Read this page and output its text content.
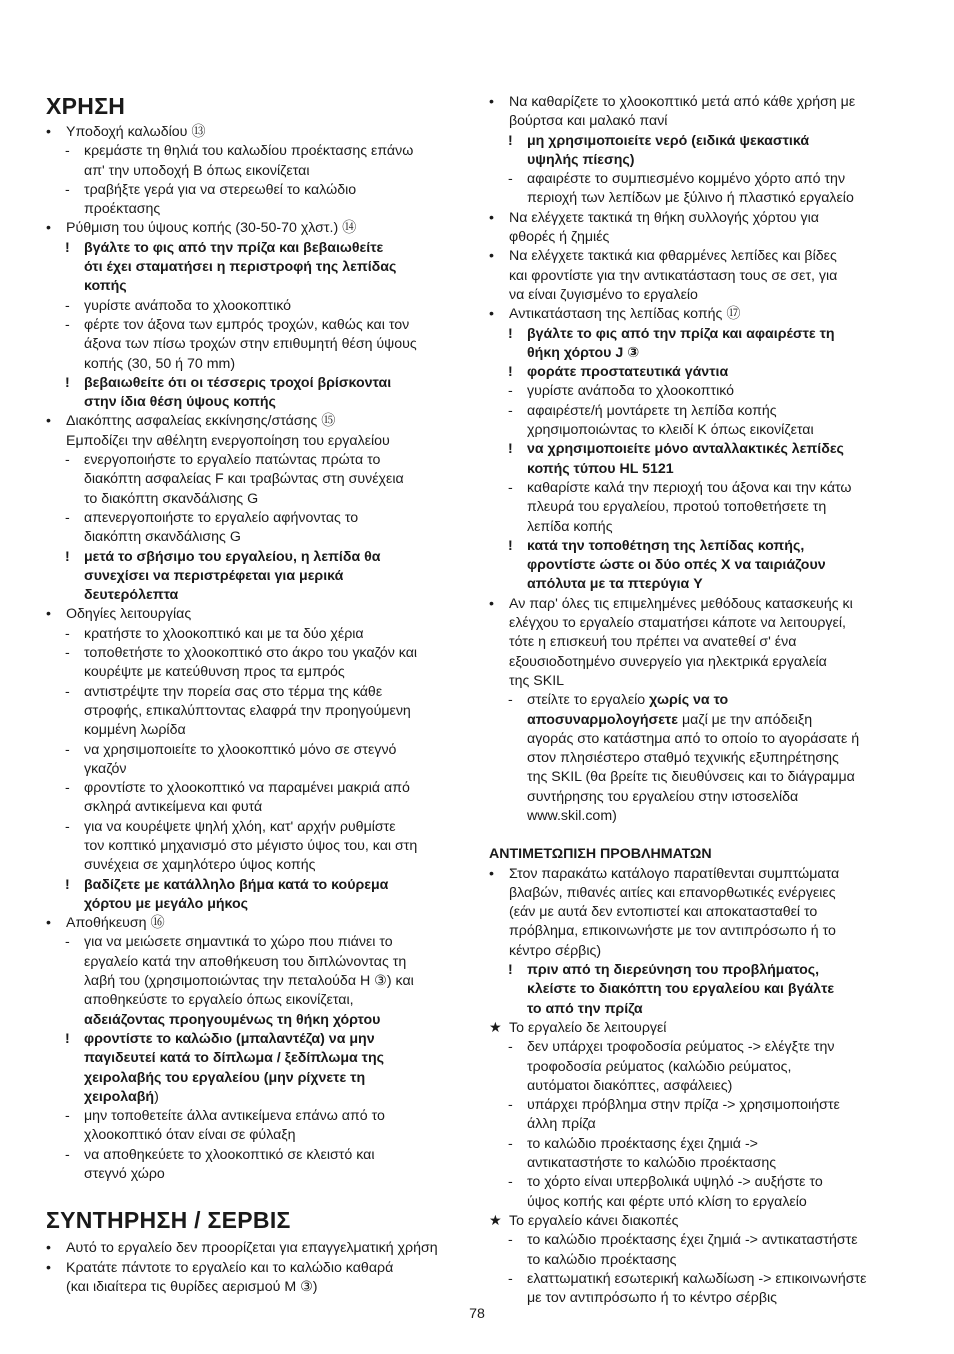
ΧΡΗΣΗ
• Υποδοχή καλωδίου ⑬
- κρεμάστε τη θηλιά του καλωδίου προέκτασης επάνω
απ' την υποδοχή B όπως εικονίζεται
- τραβήξτε γερά για να στερεωθεί το καλώδιο
προέκτασης
• Ρύθμιση του ύψους κοπής (30-50-70 χλστ.) ⑭
! βγάλτε το φις από την πρίζα και βεβαιωθείτε
ότι έχει σταματήσει η περιστροφή της λεπίδας
κοπής
- γυρίστε ανάποδα το χλοοκοπτικό
- φέρτε τον άξονα των εμπρός τροχών, καθώς και τον
άξονα των πίσω τροχών στην επιθυμητή θέση ύψους
κοπής (30, 50 ή 70 mm)
! βεβαιωθείτε ότι οι τέσσερις τροχοί βρίσκονται
στην ίδια θέση ύψους κοπής
• Διακόπτης ασφαλείας εκκίνησης/στάσης ⑮
Εμποδίζει την αθέλητη ενεργοποίηση του εργαλείου
- ενεργοποιήστε το εργαλείο πατώντας πρώτα το
διακόπτη ασφαλείας F και τραβώντας στη συνέχεια
το διακόπτη σκανδάλισης G
- απενεργοποιήστε το εργαλείο αφήνοντας το
διακόπτη σκανδάλισης G
! μετά το σβήσιμο του εργαλείου, η λεπίδα θα
συνεχίσει να περιστρέφεται για μερικά
δευτερόλεπτα
• Οδηγίες λειτουργίας
- κρατήστε το χλοοκοπτικό και με τα δύο χέρια
- τοποθετήστε το χλοοκοπτικό στο άκρο του γκαζόν και
κουρέψτε με κατεύθυνση προς τα εμπρός
- αντιστρέψτε την πορεία σας στο τέρμα της κάθε
στροφής, επικαλύπτοντας ελαφρά την προηγούμενη
κομμένη λωρίδα
- να χρησιμοποιείτε το χλοοκοπτικό μόνο σε στεγνό
γκαζόν
- φροντίστε το χλοοκοπτικό να παραμένει μακριά από
σκληρά αντικείμενα και φυτά
- για να κουρέψετε ψηλή χλόη, κατ' αρχήν ρυθμίστε
τον κοπτικό μηχανισμό στο μέγιστο ύψος του, και στη
συνέχεια σε χαμηλότερο ύψος κοπής
! βαδίζετε με κατάλληλο βήμα κατά το κούρεμα
χόρτου με μεγάλο μήκος
• Αποθήκευση ⑯
- για να μειώσετε σημαντικά το χώρο που πιάνει το
εργαλείο κατά την αποθήκευση του διπλώνοντας τη
λαβή του (χρησιμοποιώντας την πεταλούδα H ③) και
αποθηκεύστε το εργαλείο όπως εικονίζεται,
αδειάζοντας προηγουμένως τη θήκη χόρτου
! φροντίστε το καλώδιο (μπαλαντέζα) να μην
παγιδευτεί κατά το δίπλωμα / ξεδίπλωμα της
χειρολαβής του εργαλείου (μην ρίχνετε τη
χειρολαβή)
- μην τοποθετείτε άλλα αντικείμενα επάνω από το
χλοοκοπτικό όταν είναι σε φύλαξη
- να αποθηκεύετε το χλοοκοπτικό σε κλειστό και
στεγνό χώρο
ΣΥΝΤΗΡΗΣΗ / ΣΕΡΒΙΣ
• Αυτό το εργαλείο δεν προορίζεται για επαγγελματική χρήση
• Κρατάτε πάντοτε το εργαλείο και το καλώδιο καθαρά
(και ιδιαίτερα τις θυρίδες αερισμού M ③)
• Να καθαρίζετε το χλοοκοπτικό μετά από κάθε χρήση με
βούρτσα και μαλακό πανί
! μη χρησιμοποιείτε νερό (ειδικά ψεκαστικά
υψηλής πίεσης)
- αφαιρέστε το συμπιεσμένο κομμένο χόρτο από την
περιοχή των λεπίδων με ξύλινο ή πλαστικό εργαλείο
• Να ελέγχετε τακτικά τη θήκη συλλογής χόρτου για
φθορές ή ζημιές
• Να ελέγχετε τακτικά κια φθαρμένες λεπίδες και βίδες
και φροντίστε για την αντικατάσταση τους σε σετ, για
να είναι ζυγισμένο το εργαλείο
• Αντικατάσταση της λεπίδας κοπής ⑰
! βγάλτε το φις από την πρίζα και αφαιρέστε τη
θήκη χόρτου J ③
! φοράτε προστατευτικά γάντια
- γυρίστε ανάποδα το χλοοκοπτικό
- αφαιρέστε/ή μοντάρετε τη λεπίδα κοπής
χρησιμοποιώντας το κλειδί K όπως εικονίζεται
! να χρησιμοποιείτε μόνο ανταλλακτικές λεπίδες
κοπής τύπου HL 5121
- καθαρίστε καλά την περιοχή του άξονα και την κάτω
πλευρά του εργαλείου, προτού τοποθετήσετε τη
λεπίδα κοπής
! κατά την τοποθέτηση της λεπίδας κοπής,
φροντίστε ώστε οι δύο οπές X να ταιριάζουν
απόλυτα με τα πτερύγια Y
• Αν παρ' όλες τις επιμελημένες μεθόδους κατασκευής κι
ελέγχου το εργαλείο σταματήσει κάποτε να λειτουργεί,
τότε η επισκευή του πρέπει να ανατεθεί σ' ένα
εξουσιοδοτημένο συνεργείο για ηλεκτρικά εργαλεία
της SKIL
- στείλτε το εργαλείο χωρίς να το
αποσυναρμολογήσετε μαζί με την απόδειξη
αγοράς στο κατάστημα από το οποίο το αγοράσατε ή
στον πλησιέστερο σταθμό τεχνικής εξυπηρέτησης
της SKIL (θα βρείτε τις διευθύνσεις και το διάγραμμα
συντήρησης του εργαλείου στην ιστοσελίδα
www.skil.com)
ΑΝΤΙΜΕΤΩΠΙΣΗ ΠΡΟΒΛΗΜΑΤΩΝ
• Στον παρακάτω κατάλογο παρατίθενται συμπτώματα
βλαβών, πιθανές αιτίες και επανορθωτικές ενέργειες
(εάν με αυτά δεν εντοπιστεί και αποκατασταθεί το
πρόβλημα, επικοινωνήστε με τον αντιπρόσωπο ή το
κέντρο σέρβις)
! πριν από τη διερεύνηση του προβλήματος,
κλείστε το διακόπτη του εργαλείου και βγάλτε
το από την πρίζα
★ Το εργαλείο δε λειτουργεί
- δεν υπάρχει τροφοδοσία ρεύματος -> ελέγξτε την
τροφοδοσία ρεύματος (καλώδιο ρεύματος,
αυτόματοι διακόπτες, ασφάλειες)
- υπάρχει πρόβλημα στην πρίζα -> χρησιμοποιήστε
άλλη πρίζα
- το καλώδιο προέκτασης έχει ζημιά ->
αντικαταστήστε το καλώδιο προέκτασης
- το χόρτο είναι υπερβολικά υψηλό -> αυξήστε το
ύψος κοπής και φέρτε υπό κλίση το εργαλείο
★ Το εργαλείο κάνει διακοπές
- το καλώδιο προέκτασης έχει ζημιά -> αντικαταστήστε
το καλώδιο προέκτασης
- ελαττωματική εσωτερική καλωδίωση -> επικοινωνήστε
με τον αντιπρόσωπο ή το κέντρο σέρβις
78
